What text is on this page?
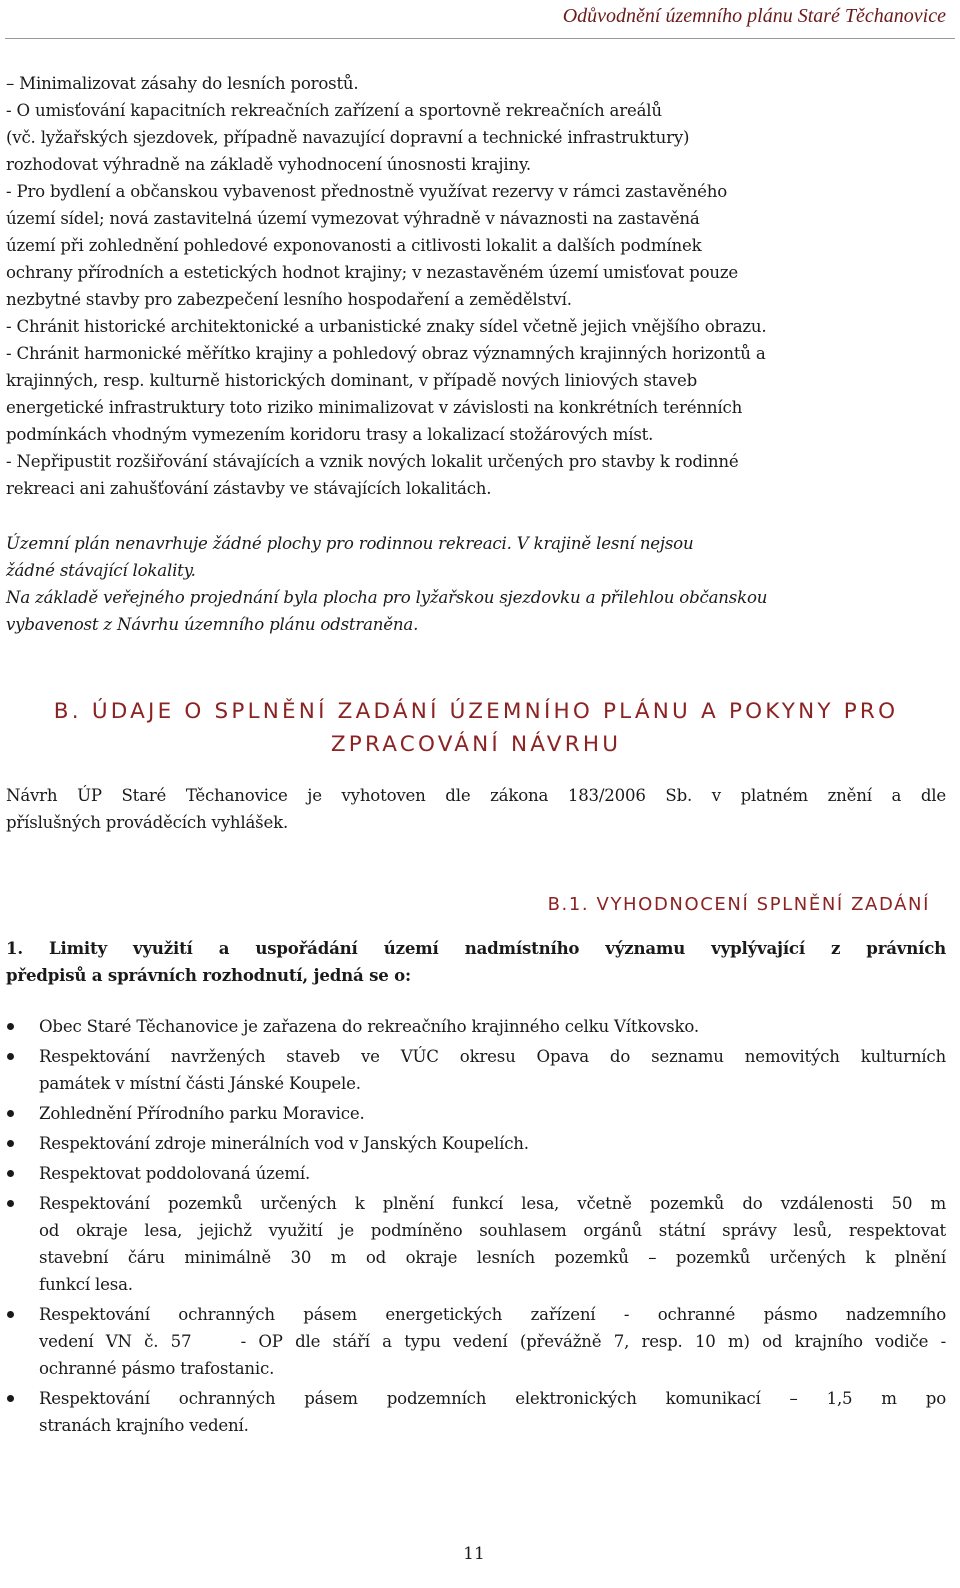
Odůvodnění územního plánu Staré Těchanovice
– Minimalizovat zásahy do lesních porostů.
- O umisťování kapacitních rekreačních zařízení a sportovně rekreačních areálů
(vč. lyžařských sjezdovek, případně navazující dopravní a technické infrastruktury)
rozhodovat výhradně na základě vyhodnocení únosnosti krajiny.
- Pro bydlení a občanskou vybavenost přednostně využívat rezervy v rámci zastavěného
území sídel; nová zastavitelná území vymezovat výhradně v návaznosti na zastavěná
území při zohlednění pohledové exponovanosti a citlivosti lokalit a dalších podmínek
ochrany přírodních a estetických hodnot krajiny; v nezastavěném území umisťovat pouze
nezbytné stavby pro zabezpečení lesního hospodaření a zemědělství.
- Chránit historické architektonické a urbanistické znaky sídel včetně jejich vnějšího obrazu.
- Chránit harmonické měřítko krajiny a pohledový obraz významných krajinných horizontů a
krajinných, resp. kulturně historických dominant, v případě nových liniových staveb
energetické infrastruktury toto riziko minimalizovat v závislosti na konkrétních terénních
podmínkách vhodným vymezením koridoru trasy a lokalizací stožárových míst.
- Nepřipustit rozšiřování stávajících a vznik nových lokalit určených pro stavby k rodinné
rekreaci ani zahušťování zástavby ve stávajících lokalitách.
Územní plán nenavrhuje žádné plochy pro rodinnou rekreaci. V krajině lesní nejsou
žádné stávající lokality.
Na základě veřejného projednání byla plocha pro lyžařskou sjezdovku a přilehlou občanskou
vybavenost z Návrhu územního plánu odstraněna.
B. ÚDAJE O SPLNĚNÍ ZADÁNÍ ÚZEMNÍHO PLÁNU A POKYNY PRO
ZPRACOVÁNÍ NÁVRHU
Návrh ÚP Staré Těchanovice je vyhotoven dle zákona 183/2006 Sb. v platném znění a dle
příslušných prováděcích vyhlášek.
B.1. VYHODNOCENÍ SPLNĚNÍ ZADÁNÍ
1. Limity využití a uspořádání území nadmístního významu vyplývající z právních
předpisů a správních rozhodnutí, jedná se o:
Obec Staré Těchanovice je zařazena do rekreačního krajinného celku Vítkovsko.
Respektování navržených staveb ve VÚC okresu Opava do seznamu nemovitých kulturních
památek v místní části Jánské Koupele.
Zohlednění Přírodního parku Moravice.
Respektování zdroje minerálních vod v Janských Koupelích.
Respektovat poddolovaná území.
Respektování pozemků určených k plnění funkcí lesa, včetně pozemků do vzdálenosti 50 m
od okraje lesa, jejichž využití je podmíněno souhlasem orgánů státní správy lesů, respektovat
stavební čáru minimálně 30 m od okraje lesních pozemků – pozemků určených k plnění
funkcí lesa.
Respektování ochranných pásem energetických zařízení - ochranné pásmo nadzemního
vedení VN č. 57    - OP dle stáří a typu vedení (převážně 7, resp. 10 m) od krajního vodiče -
ochranné pásmo trafostanic.
Respektování ochranných pásem podzemních elektronických komunikací – 1,5 m po
stranách krajního vedení.
11
